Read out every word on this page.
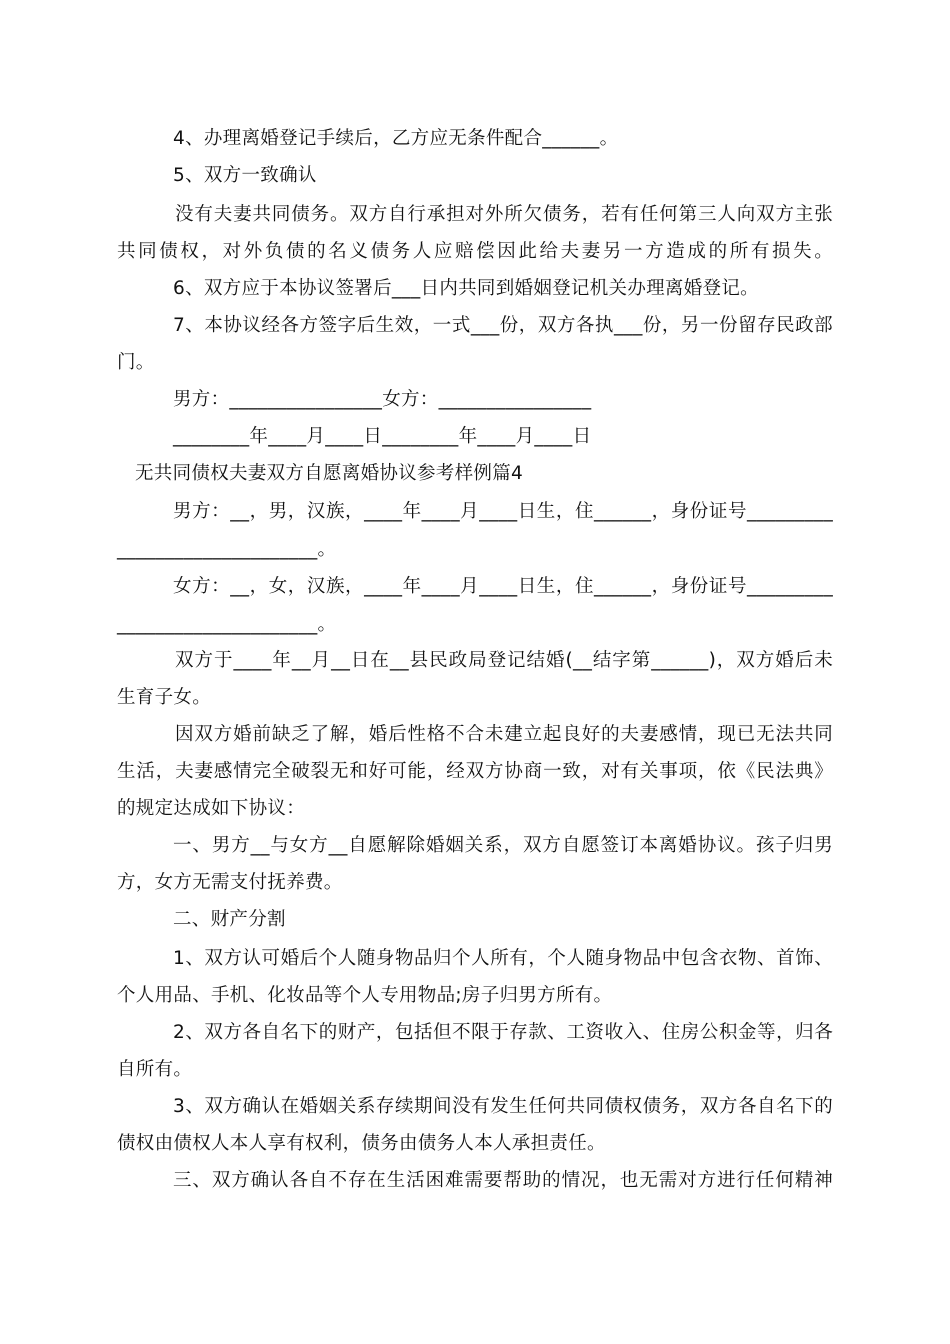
4、办理离婚登记手续后，乙方应无条件配合______。
5、双方一致确认
没有夫妻共同债务。双方自行承担对外所欠债务，若有任何第三人向双方主张
共同债权，对外负债的名义债务人应赔偿因此给夫妻另一方造成的所有损失。
6、双方应于本协议签署后___日内共同到婚姻登记机关办理离婚登记。
7、本协议经各方签字后生效，一式___份，双方各执___份，另一份留存民政部
门。
男方：________________女方：________________
________年____月____日________年____月____日
无共同债权夫妻双方自愿离婚协议参考样例篇4
男方：__，男，汉族，____年____月____日生，住______，身份证号_________
_____________________。
女方：__，女，汉族，____年____月____日生，住______，身份证号_________
_____________________。
双方于____年__月__日在__县民政局登记结婚(__结字第______)，双方婚后未
生育子女。
因双方婚前缺乏了解，婚后性格不合未建立起良好的夫妻感情，现已无法共同
生活，夫妻感情完全破裂无和好可能，经双方协商一致，对有关事项，依《民法典》
的规定达成如下协议：
一、男方__与女方__自愿解除婚姻关系，双方自愿签订本离婚协议。孩子归男
方，女方无需支付抚养费。
二、财产分割
1、双方认可婚后个人随身物品归个人所有，个人随身物品中包含衣物、首饰、
个人用品、手机、化妆品等个人专用物品;房子归男方所有。
2、双方各自名下的财产，包括但不限于存款、工资收入、住房公积金等，归各
自所有。
3、双方确认在婚姻关系存续期间没有发生任何共同债权债务，双方各自名下的
债权由债权人本人享有权利，债务由债务人本人承担责任。
三、双方确认各自不存在生活困难需要帮助的情况，也无需对方进行任何精神
